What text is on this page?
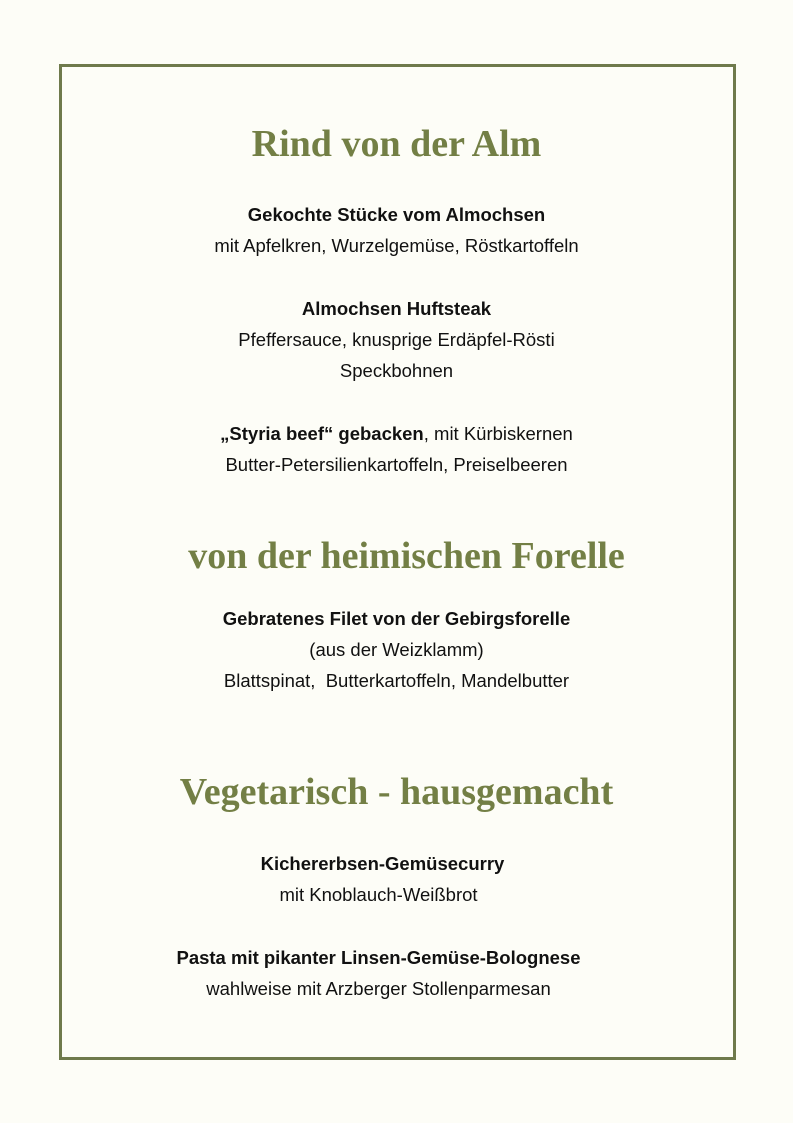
Rind von der Alm
Gekochte Stücke vom Almochsen
mit Apfelkren, Wurzelgemüse, Röstkartoffeln
Almochsen Huftsteak
Pfeffersauce, knusprige Erdäpfel-Rösti
Speckbohnen
„Styria beef“ gebacken, mit Kürbiskernen
Butter-Petersilienkartoffeln, Preiselbeeren
von der heimischen Forelle
Gebratenes Filet von der Gebirgsforelle
(aus der Weizklamm)
Blattspinat,  Butterkartoffeln, Mandelbutter
Vegetarisch - hausgemacht
Kichererbsen-Gemüsecurry
mit Knoblauch-Weißbrot
Pasta mit pikanter Linsen-Gemüse-Bolognese
wahlweise mit Arzberger Stollenparmesan
